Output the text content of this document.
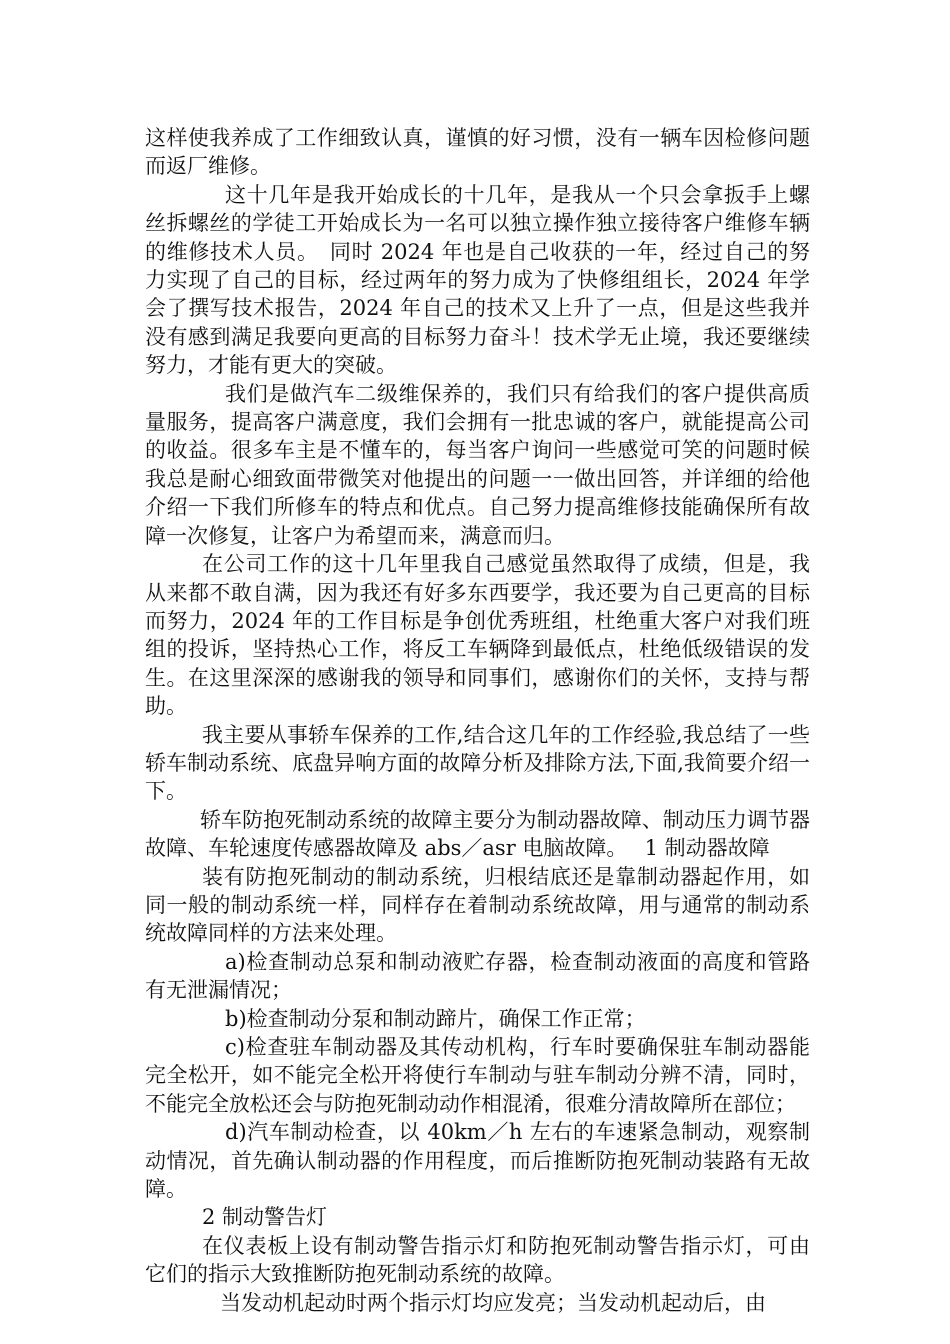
这样使我养成了工作细致认真，谨慎的好习惯，没有一辆车因检修问题而返厂维修。

这十几年是我开始成长的十几年，是我从一个只会拿扳手上螺丝拆螺丝的学徒工开始成长为一名可以独立操作独立接待客户维修车辆的维修技术人员。　同时 2024 年也是自己收获的一年，经过自己的努力实现了自己的目标，经过两年的努力成为了快修组组长，2024 年学会了撰写技术报告，2024 年自己的技术又上升了一点，但是这些我并没有感到满足我要向更高的目标努力奋斗！技术学无止境，我还要继续努力，才能有更大的突破。

我们是做汽车二级维保养的，我们只有给我们的客户提供高质量服务，提高客户满意度，我们会拥有一批忠诚的客户，就能提高公司的收益。很多车主是不懂车的，每当客户询问一些感觉可笑的问题时候我总是耐心细致面带微笑对他提出的问题一一做出回答，并详细的给他介绍一下我们所修车的特点和优点。自己努力提高维修技能确保所有故障一次修复，让客户为希望而来，满意而归。

在公司工作的这十几年里我自己感觉虽然取得了成绩，但是，我从来都不敢自满，因为我还有好多东西要学，我还要为自己更高的目标而努力，2024 年的工作目标是争创优秀班组，杜绝重大客户对我们班组的投诉，坚持热心工作，将反工车辆降到最低点，杜绝低级错误的发生。在这里深深的感谢我的领导和同事们，感谢你们的关怀，支持与帮助。

我主要从事轿车保养的工作,结合这几年的工作经验,我总结了一些轿车制动系统、底盘异响方面的故障分析及排除方法,下面,我简要介绍一下。

轿车防抱死制动系统的故障主要分为制动器故障、制动压力调节器故障、车轮速度传感器故障及 abs／asr 电脑故障。　 1 制动器故障

装有防抱死制动的制动系统，归根结底还是靠制动器起作用，如同一般的制动系统一样，同样存在着制动系统故障，用与通常的制动系统故障同样的方法来处理。

a)检查制动总泵和制动液贮存器，检查制动液面的高度和管路有无泄漏情况；

b)检查制动分泵和制动蹄片，确保工作正常；

c)检查驻车制动器及其传动机构，行车时要确保驻车制动器能完全松开，如不能完全松开将使行车制动与驻车制动分辨不清，同时，不能完全放松还会与防抱死制动动作相混淆，很难分清故障所在部位；

d)汽车制动检查，以 40km／h 左右的车速紧急制动，观察制动情况，首先确认制动器的作用程度，而后推断防抱死制动装路有无故障。

2 制动警告灯

在仪表板上设有制动警告指示灯和防抱死制动警告指示灯，可由它们的指示大致推断防抱死制动系统的故障。

当发动机起动时两个指示灯均应发亮；当发动机起动后，由
